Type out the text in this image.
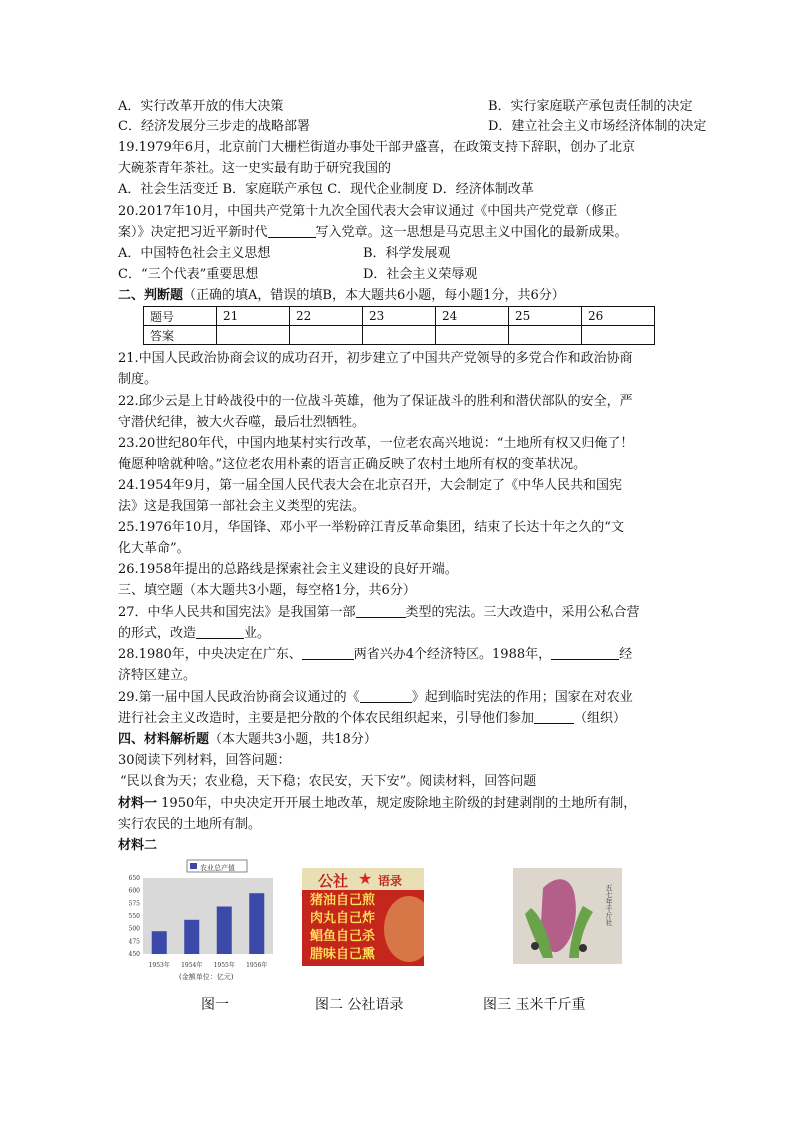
A．实行改革开放的伟大决策	B．实行家庭联产承包责任制的决定
C．经济发展分三步走的战略部署	D．建立社会主义市场经济体制的决定
19.1979年6月，北京前门大栅栏街道办事处干部尹盛喜，在政策支持下辞职，创办了北京
大碗茶青年茶社。这一史实最有助于研究我国的
A．社会生活变迁 B．家庭联产承包 C．现代企业制度 D．经济体制改革
20.2017年10月，中国共产党第十九次全国代表大会审议通过《中国共产党党章（修正
案）》决定把习近平新时代	写入党章。这一思想是马克思主义中国化的最新成果。
A．中国特色社会主义思想	B．科学发展观
C．“三个代表”重要思想	D．社会主义荣辱观
二、判断题（正确的填A，错误的填B，本大题共6小题，每小题1分，共6分）
题号	21	22	23	24	25	26
答案						
21.中国人民政治协商会议的成功召开，初步建立了中国共产党领导的多党合作和政治协商
制度。
22.邱少云是上甘岭战役中的一位战斗英雄，他为了保证战斗的胜利和潜伏部队的安全，严
守潜伏纪律，被大火吞噬，最后壮烈牺牲。
23.20世纪80年代，中国内地某村实行改革，一位老农高兴地说：“土地所有权又归俺了！
俺愿种啥就种啥。”这位老农用朴素的语言正确反映了农村土地所有权的变革状况。
24.1954年9月，第一届全国人民代表大会在北京召开，大会制定了《中华人民共和国宪
法》这是我国第一部社会主义类型的宪法。
25.1976年10月，华国锋、邓小平一举粉碎江青反革命集团，结束了长达十年之久的“文
化大革命”。
26.1958年提出的总路线是探索社会主义建设的良好开端。
三、填空题（本大题共3小题，每空格1分，共6分）
27．中华人民共和国宪法》是我国第一部	类型的宪法。三大改造中，采用公私合营
的形式，改造	业。
28.1980年，中央决定在广东、	两省兴办4个经济特区。1988年，	经
济特区建立。
29.第一届中国人民政治协商会议通过的《	》起到临时宪法的作用；国家在对农业
进行社会主义改造时，主要是把分散的个体农民组织起来，引导他们参加	（组织）
四、材料解析题（本大题共3小题，共18分）
30阅读下列材料，回答问题：
“民以食为天；农业稳，天下稳；农民安，天下安”。阅读材料，回答问题
材料一 1950年，中央决定开开展土地改革，规定废除地主阶级的封建剥削的土地所有制，
实行农民的土地所有制。
材料二
农业总产值
650
600
575
550
500
475
450
1953年 1954年 1955年 1956年
(金额单位：亿元)
公社 ★ 语录
猪油自己煎
肉丸自己炸
鲳鱼自己杀
腊味自己熏
五七年千斤社
图一	图二 公社语录	图三 玉米千斤重
